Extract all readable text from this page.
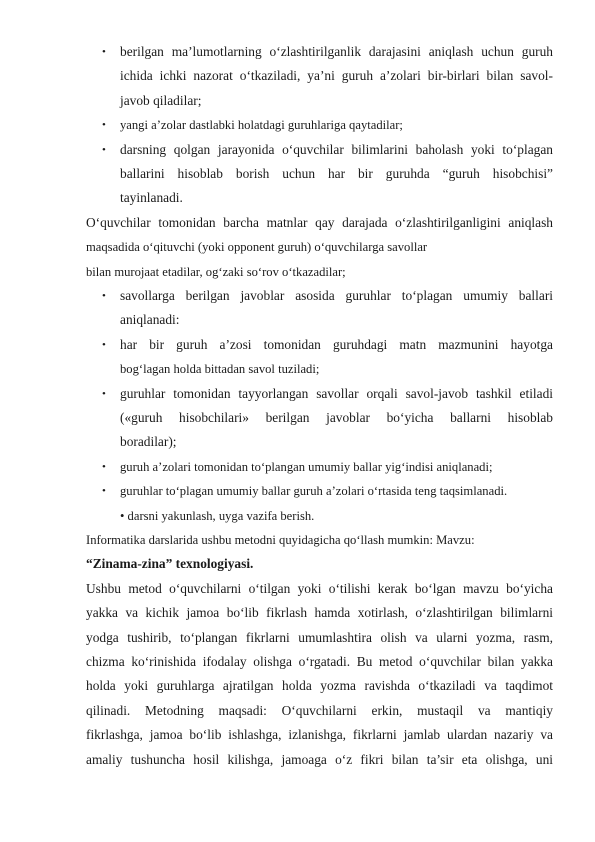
• berilgan ma’lumotlarning o‘zlashtirilganlik darajasini aniqlash uchun guruh
ichida ichki nazorat o‘tkaziladi, ya’ni guruh a’zolari bir-birlari bilan savol-
javob qiladilar;
• yangi a’zolar dastlabki holatdagi guruhlariga qaytadilar;
• darsning qolgan jarayonida o‘quvchilar bilimlarini baholash yoki to‘plagan
ballarini hisoblab borish uchun har bir guruhda “guruh hisobchisi”
tayinlanadi.
O‘quvchilar tomonidan barcha matnlar qay darajada o‘zlashtirilganligini aniqlash
maqsadida o‘qituvchi (yoki opponent guruh) o‘quvchilarga savollar
bilan murojaat etadilar, og‘zaki so‘rov o‘tkazadilar;
• savollarga berilgan javoblar asosida guruhlar to‘plagan umumiy ballari
aniqlanadi:
• har bir guruh a’zosi tomonidan guruhdagi matn mazmunini hayotga
bog‘lagan holda bittadan savol tuziladi;
• guruhlar tomonidan tayyorlangan savollar orqali savol-javob tashkil etiladi
(«guruh hisobchilari» berilgan javoblar bo‘yicha ballarni hisoblab
boradilar);
• guruh a’zolari tomonidan to‘plangan umumiy ballar yig‘indisi aniqlanadi;
• guruhlar to‘plagan umumiy ballar guruh a’zolari o‘rtasida teng taqsimlanadi.
• darsni yakunlash, uyga vazifa berish.
Informatika darslarida ushbu metodni quyidagicha qo‘llash mumkin: Mavzu:
“Zinama-zina” texnologiyasi.
Ushbu metod o‘quvchilarni o‘tilgan yoki o‘tilishi kerak bo‘lgan mavzu bo‘yicha
yakka va kichik jamoa bo‘lib fikrlash hamda xotirlash, o‘zlashtirilgan bilimlarni
yodga tushirib, to‘plangan fikrlarni umumlashtira olish va ularni yozma, rasm,
chizma ko‘rinishida ifodalay olishga o‘rgatadi. Bu metod o‘quvchilar bilan yakka
holda yoki guruhlarga ajratilgan holda yozma ravishda o‘tkaziladi va taqdimot
qilinadi. Metodning maqsadi: O‘quvchilarni erkin, mustaqil va mantiqiy
fikrlashga, jamoa bo‘lib ishlashga, izlanishga, fikrlarni jamlab ulardan nazariy va
amaliy tushuncha hosil kilishga, jamoaga o‘z fikri bilan ta’sir eta olishga, uni
